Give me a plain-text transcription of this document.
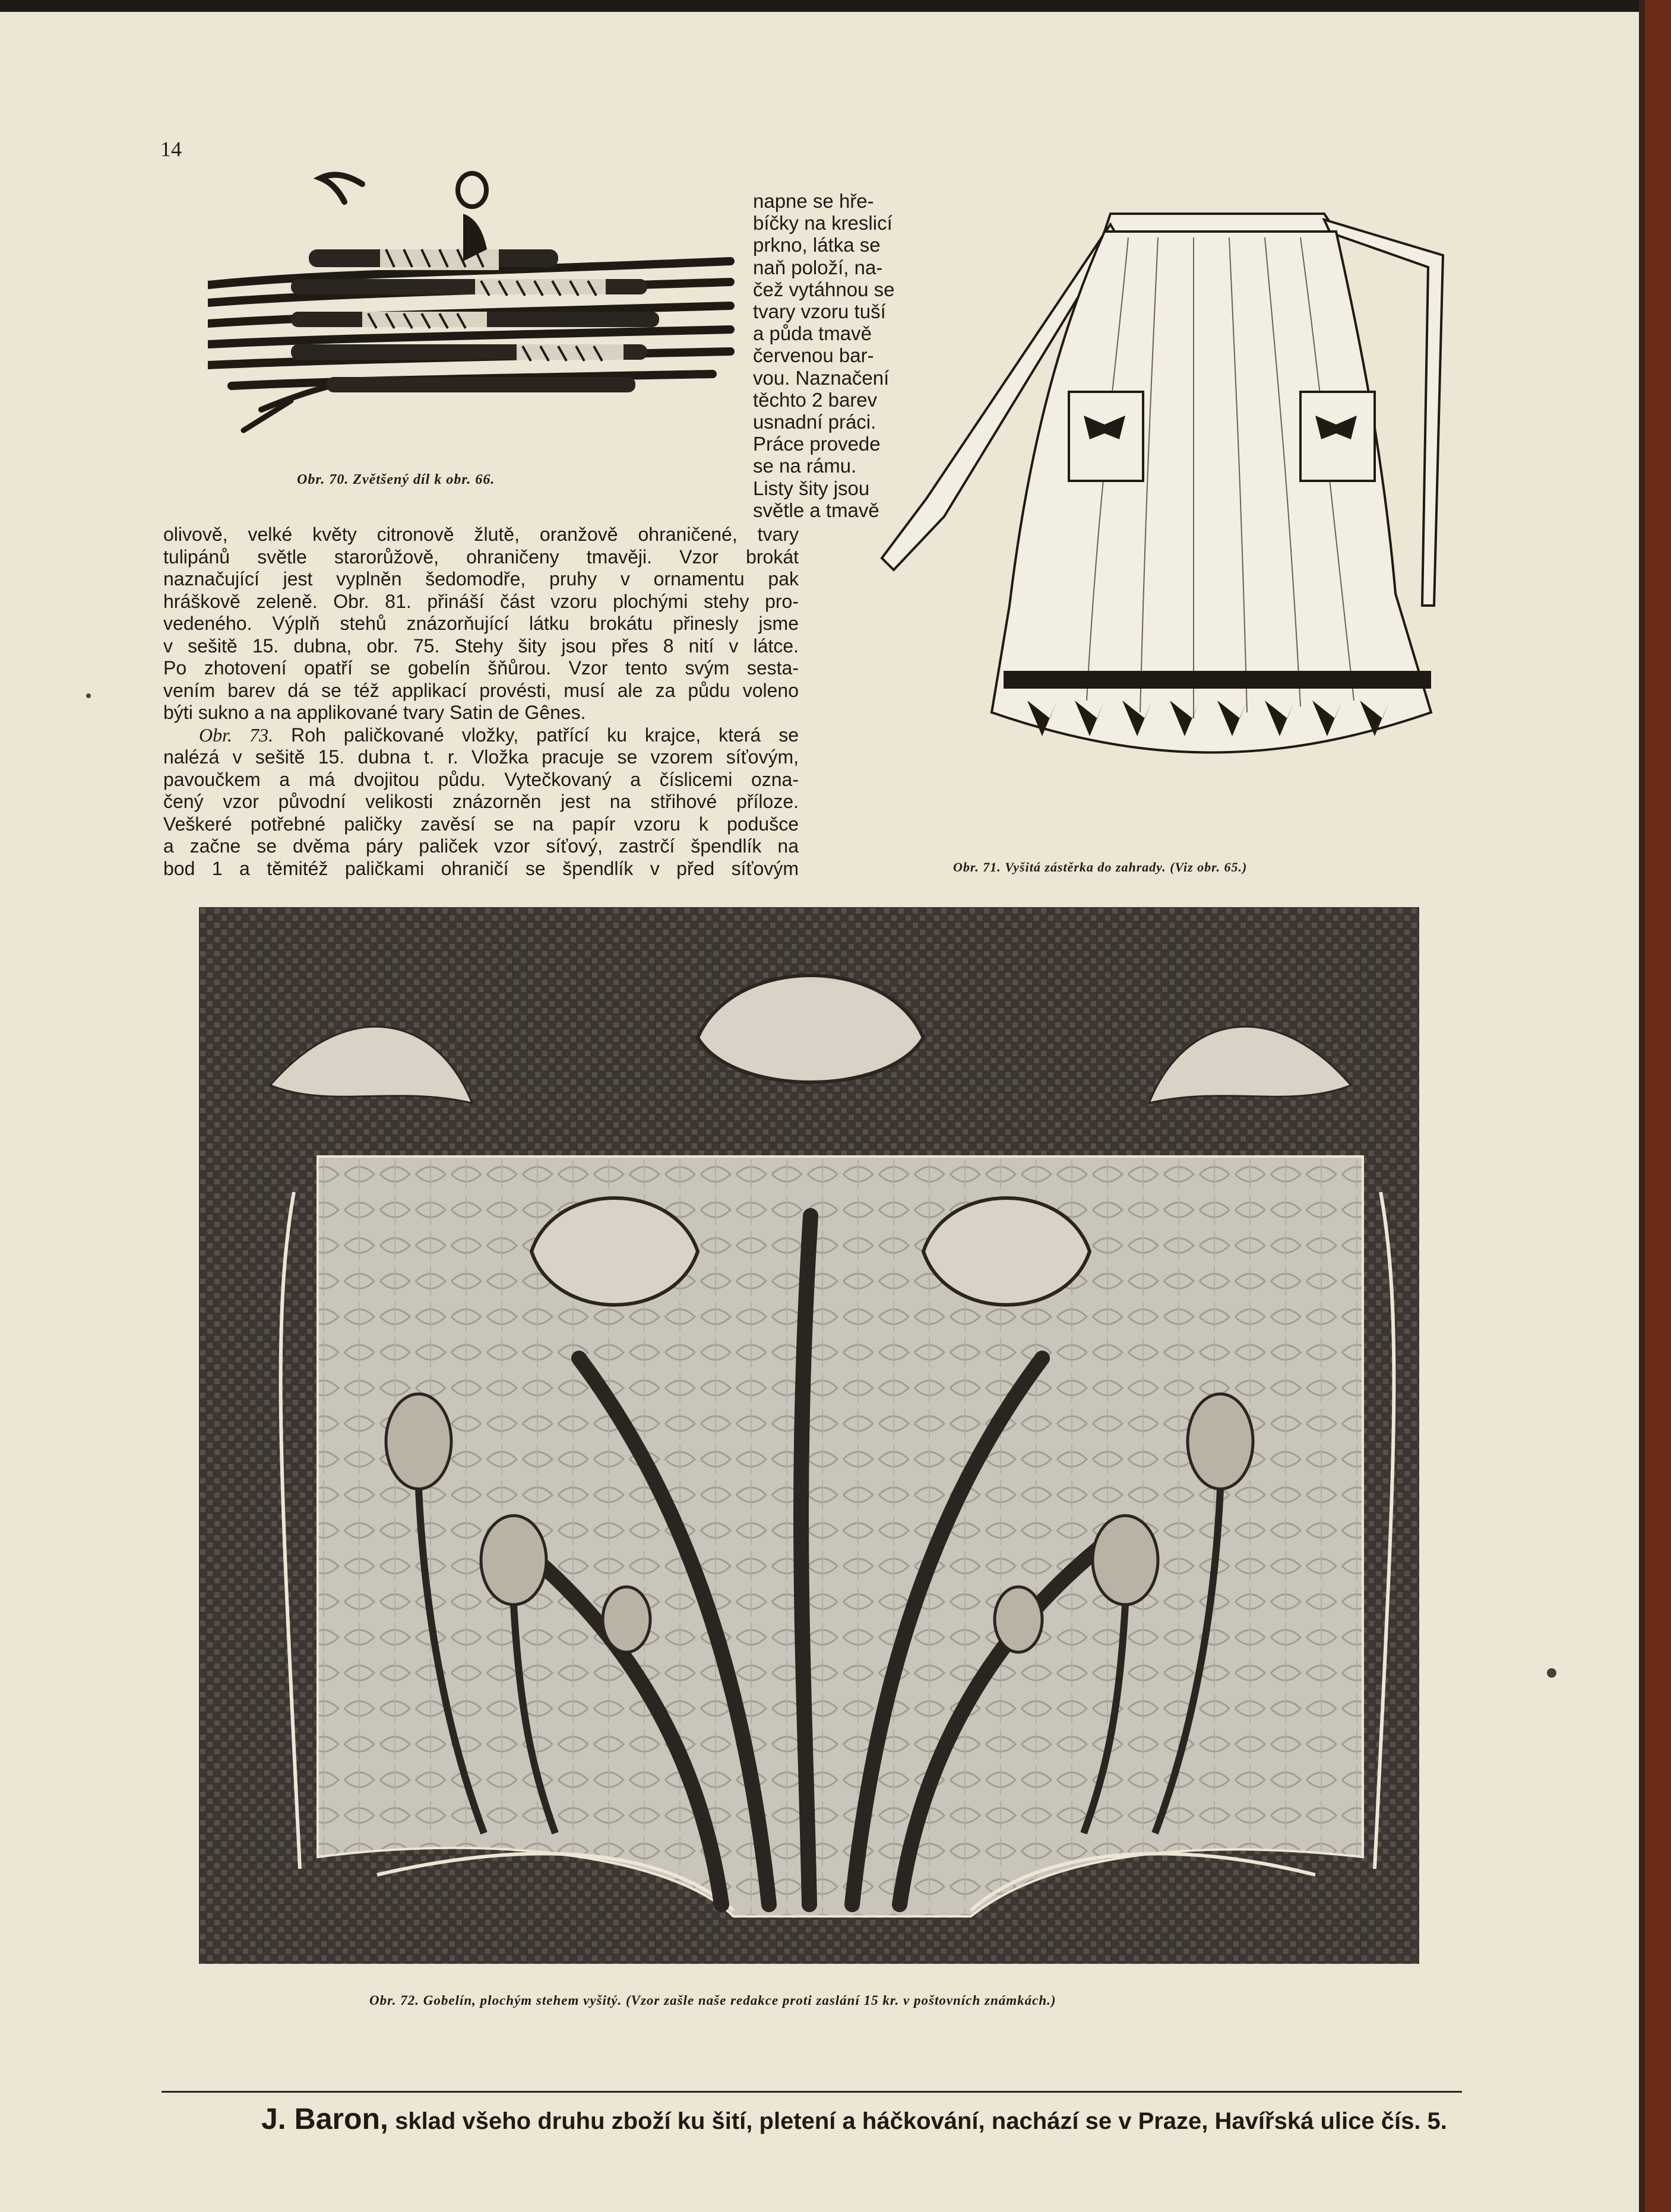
14
Obr. 70. Zvětšený díl k obr. 66.
napne se hře-
bíčky na kreslicí
prkno, látka se
naň položí, na-
čež vytáhnou se
tvary vzoru tuší
a půda tmavě
červenou bar-
vou. Naznačení
těchto 2 barev
usnadní práci.
Práce provede
se na rámu.
Listy šity jsou
světle a tmavě

olivově, velké květy citronově žlutě, oranžově ohraničené, tvary

tulipánů světle starorůžově, ohraničeny tmavěji. Vzor brokát

naznačující jest vyplněn šedomodře, pruhy v ornamentu pak

hráškově zeleně. Obr. 81. přináší část vzoru plochými stehy pro-

vedeného. Výplň stehů znázorňující látku brokátu přinesly jsme

v sešitě 15. dubna, obr. 75. Stehy šity jsou přes 8 nití v látce.

Po zhotovení opatří se gobelín šňůrou. Vzor tento svým sesta-

vením barev dá se též applikací provésti, musí ale za půdu voleno

býti sukno a na applikované tvary Satin de Gênes.

Obr. 73. Roh paličkované vložky, patřící ku krajce, která se

nalézá v sešitě 15. dubna t. r. Vložka pracuje se vzorem síťovým,

pavoučkem a má dvojitou půdu. Vytečkovaný a číslicemi ozna-

čený vzor původní velikosti znázorněn jest na střihové příloze.

Veškeré potřebné paličky zavěsí se na papír vzoru k podušce

a začne se dvěma páry paliček vzor síťový, zastrčí špendlík na

bod 1 a těmitéž paličkami ohraničí se špendlík v před síťovým	Obr. 71. Vyšitá zástěrka do zahrady. (Viz obr. 65.)
Obr. 72. Gobelín, plochým stehem vyšitý. (Vzor zašle naše redakce proti zaslání 15 kr. v poštovních známkách.)
J. Baron, sklad všeho druhu zboží ku šití, pletení a háčkování, nachází se v Praze, Havířská ulice čís. 5.
